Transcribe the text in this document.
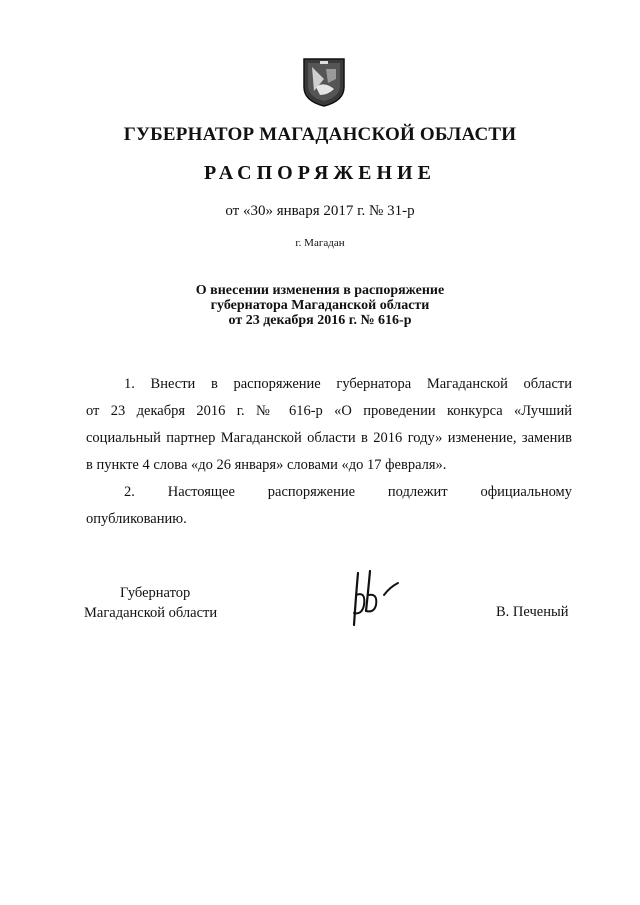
ГУБЕРНАТОР МАГАДАНСКОЙ ОБЛАСТИ
РАСПОРЯЖЕНИЕ
от «30» января 2017 г. № 31-р
г. Магадан
О внесении изменения в распоряжение
губернатора Магаданской области
от 23 декабря 2016 г. № 616-р
1. Внести в распоряжение губернатора Магаданской области
от 23 декабря 2016 г. № 616-р «О проведении конкурса «Лучший
социальный партнер Магаданской области в 2016 году» изменение, заменив
в пункте 4 слова «до 26 января» словами «до 17 февраля».
2. Настоящее распоряжение подлежит официальному
опубликованию.
Губернатор
Магаданской области	В. Печеный
